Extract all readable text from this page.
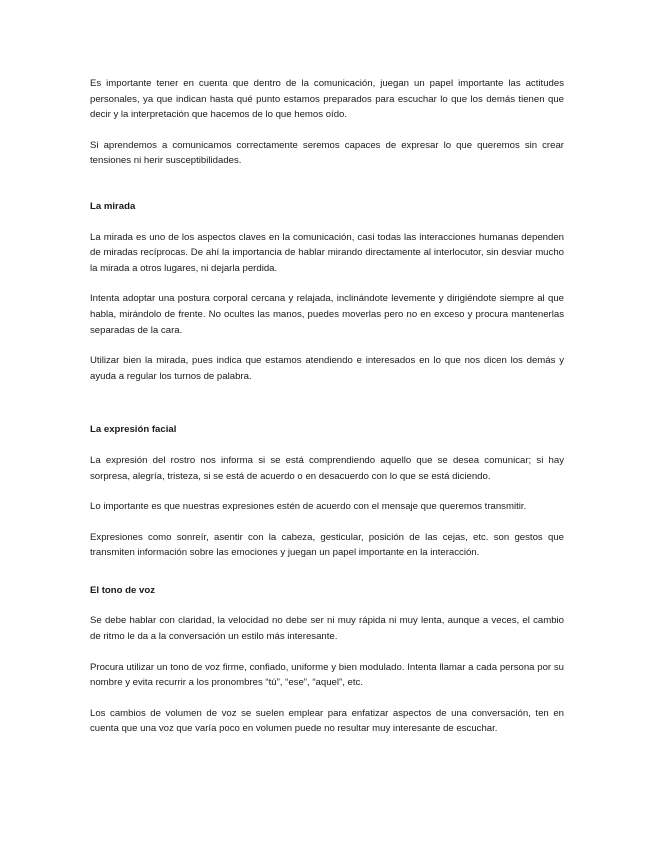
Es importante tener en cuenta que dentro de la comunicación, juegan un papel importante las actitudes personales, ya que indican hasta qué punto estamos preparados para escuchar lo que los demás tienen que decir y la interpretación que hacemos de lo que hemos oído.

Si aprendemos a comunicamos correctamente seremos capaces de expresar lo que queremos sin crear tensiones ni herir susceptibilidades.

La mirada

La mirada es uno de los aspectos claves en la comunicación, casi todas las interacciones humanas dependen de miradas recíprocas. De ahí la importancia de hablar mirando directamente al interlocutor, sin desviar mucho la mirada a otros lugares, ni dejarla perdida.

Intenta adoptar una postura corporal cercana y relajada, inclinándote levemente y dirigiéndote siempre al que habla, mirándolo de frente. No ocultes las manos, puedes moverlas pero no en exceso y procura mantenerlas separadas de la cara.

Utilizar bien la mirada, pues indica que estamos atendiendo e interesados en lo que nos dicen los demás y ayuda a regular los turnos de palabra.

La expresión facial

La expresión del rostro nos informa si se está comprendiendo aquello que se desea comunicar; si hay sorpresa, alegría, tristeza, si se está de acuerdo o en desacuerdo con lo que se está diciendo.

Lo importante es que nuestras expresiones estén de acuerdo con el mensaje que queremos transmitir.

Expresiones como sonreír, asentir con la cabeza, gesticular, posición de las cejas, etc. son gestos que transmiten información sobre las emociones y juegan un papel importante en la interacción.

El tono de voz

Se debe hablar con claridad, la velocidad no debe ser ni muy rápida ni muy lenta, aunque a veces, el cambio de ritmo le da a la conversación un estilo más interesante.

Procura utilizar un tono de voz firme, confiado, uniforme y bien modulado. Intenta llamar a cada persona por su nombre y evita recurrir a los pronombres “tú”, “ese”, “aquel”, etc.

Los cambios de volumen de voz se suelen emplear para enfatizar aspectos de una conversación, ten en cuenta que una voz que varía poco en volumen puede no resultar muy interesante de escuchar.
